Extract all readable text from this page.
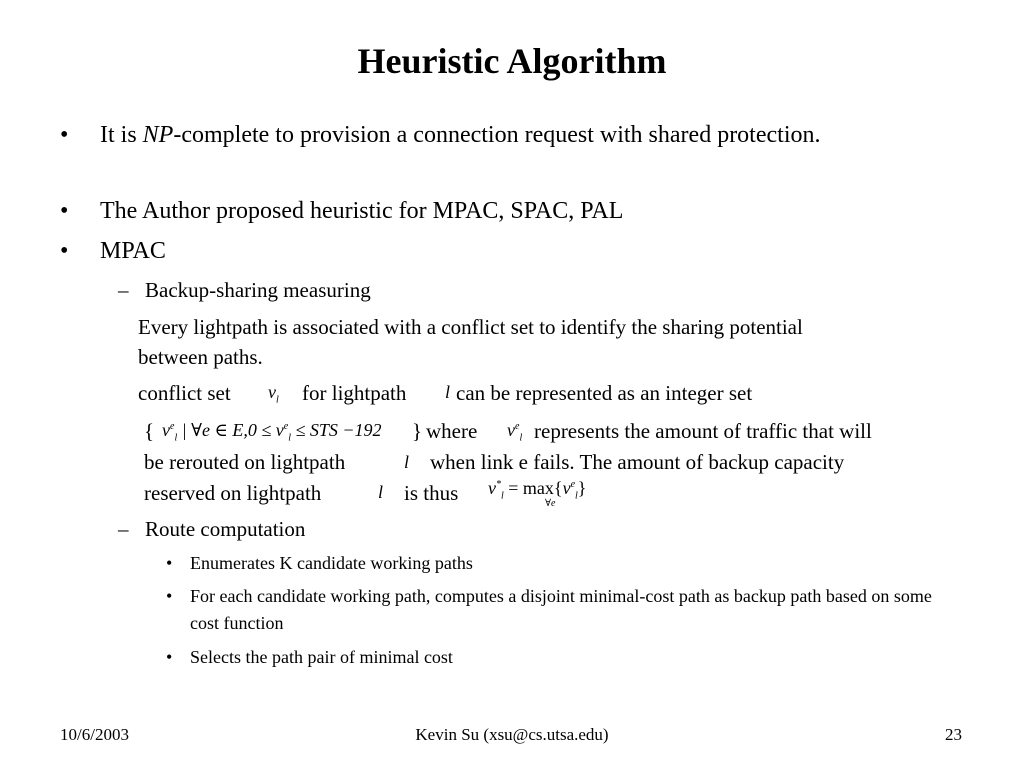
Heuristic Algorithm
• It is NP-complete to provision a connection request with shared protection.
• The Author proposed heuristic for MPAC, SPAC, PAL
• MPAC
– Backup-sharing measuring
Every lightpath is associated with a conflict set to identify the sharing potential between paths.
conflict set $v_l$ for lightpath l can be represented as an integer set
{ $v^e_l$ | ∀e ∈ $E,0 \le v^e_l$ ≤ STS −192 } where $v^e_l$ represents the amount of traffic that will
be rerouted on lightpath	l when link e fails. The amount of backup capacity
reserved on lightpath	l is thus $v^*_l = \max\{v^e_l\}$
∀e
– Route computation
• Enumerates K candidate working paths
• For each candidate working path, computes a disjoint minimal-cost path as backup path based on some cost function
• Selects the path pair of minimal cost
10/6/2003	Kevin Su (xsu@cs.utsa.edu)	23
